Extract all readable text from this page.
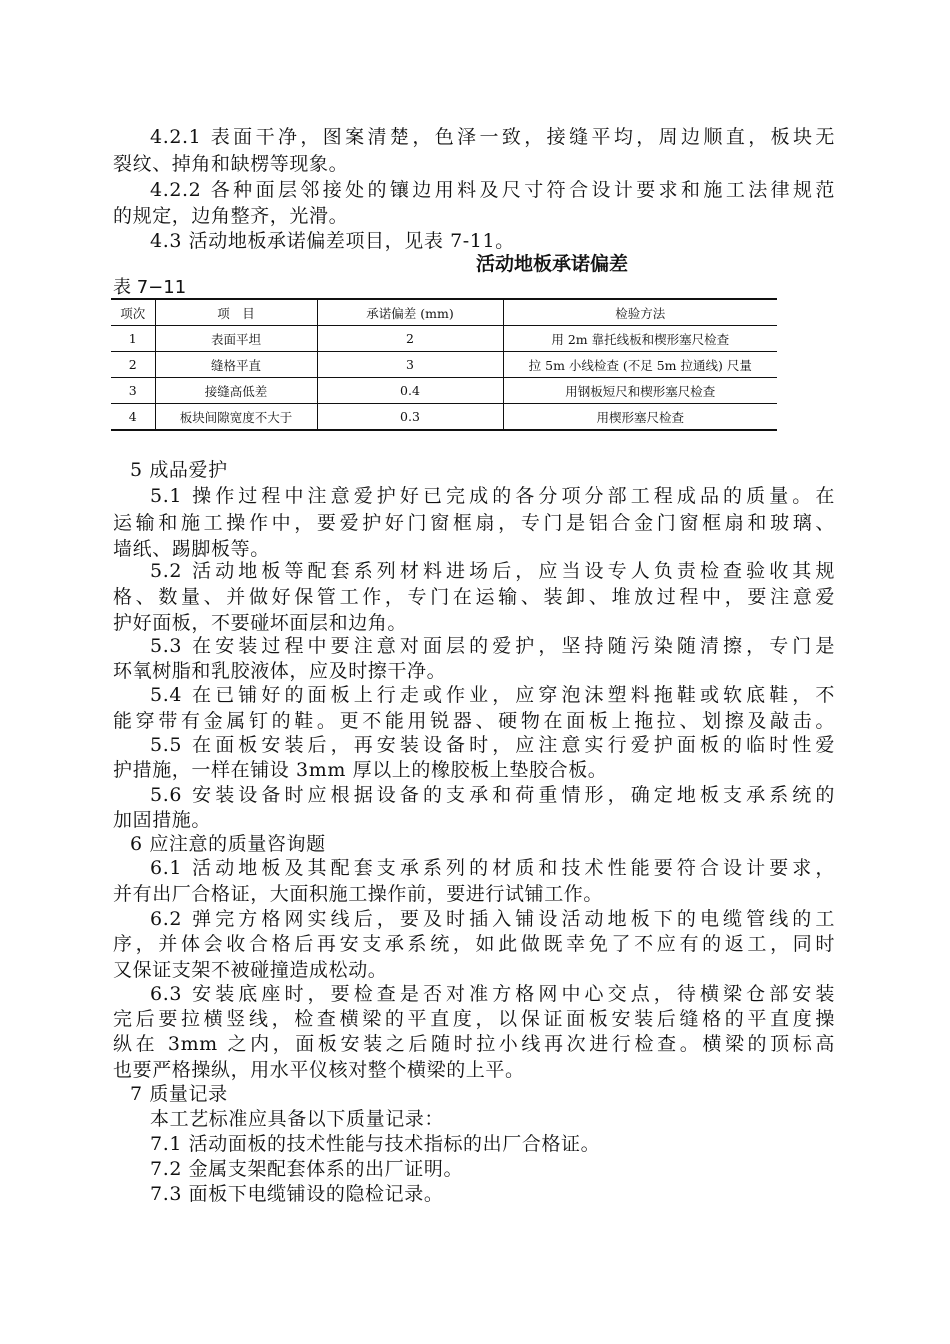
4.2.1 表面干净，图案清楚，色泽一致，接缝平均，周边顺直，板块无
裂纹、掉角和缺楞等现象。
4.2.2 各种面层邻接处的镶边用料及尺寸符合设计要求和施工法律规范
的规定，边角整齐，光滑。
4.3 活动地板承诺偏差项目，见表 7-11。
活动地板承诺偏差
表 7−11
项次	项　目	承诺偏差 (mm)	检验方法
1	表面平坦	2	用 2m 靠托线板和楔形塞尺检查
2	缝格平直	3	拉 5m 小线检查 (不足 5m 拉通线) 尺量
3	接缝高低差	0.4	用钢板短尺和楔形塞尺检查
4	板块间隙宽度不大于	0.3	用楔形塞尺检查
5 成品爱护
5.1 操作过程中注意爱护好已完成的各分项分部工程成品的质量。在
运输和施工操作中，要爱护好门窗框扇，专门是铝合金门窗框扇和玻璃、
墙纸、踢脚板等。
5.2 活动地板等配套系列材料进场后，应当设专人负责检查验收其规
格、数量、并做好保管工作，专门在运输、装卸、堆放过程中，要注意爱
护好面板，不要碰坏面层和边角。
5.3 在安装过程中要注意对面层的爱护，坚持随污染随清擦，专门是
环氧树脂和乳胶液体，应及时擦干净。
5.4 在已铺好的面板上行走或作业，应穿泡沫塑料拖鞋或软底鞋，不
能穿带有金属钉的鞋。更不能用锐器、硬物在面板上拖拉、划擦及敲击。
5.5 在面板安装后，再安装设备时，应注意实行爱护面板的临时性爱
护措施，一样在铺设 3mm 厚以上的橡胶板上垫胶合板。
5.6 安装设备时应根据设备的支承和荷重情形，确定地板支承系统的
加固措施。
6 应注意的质量咨询题
6.1 活动地板及其配套支承系列的材质和技术性能要符合设计要求，
并有出厂合格证，大面积施工操作前，要进行试铺工作。
6.2 弹完方格网实线后，要及时插入铺设活动地板下的电缆管线的工
序，并体会收合格后再安支承系统，如此做既幸免了不应有的返工，同时
又保证支架不被碰撞造成松动。
6.3 安装底座时，要检查是否对准方格网中心交点，待横梁仓部安装
完后要拉横竖线，检查横梁的平直度，以保证面板安装后缝格的平直度操
纵在 3mm 之内，面板安装之后随时拉小线再次进行检查。横梁的顶标高
也要严格操纵，用水平仪核对整个横梁的上平。
7 质量记录
本工艺标准应具备以下质量记录：
7.1 活动面板的技术性能与技术指标的出厂合格证。
7.2 金属支架配套体系的出厂证明。
7.3 面板下电缆铺设的隐检记录。
